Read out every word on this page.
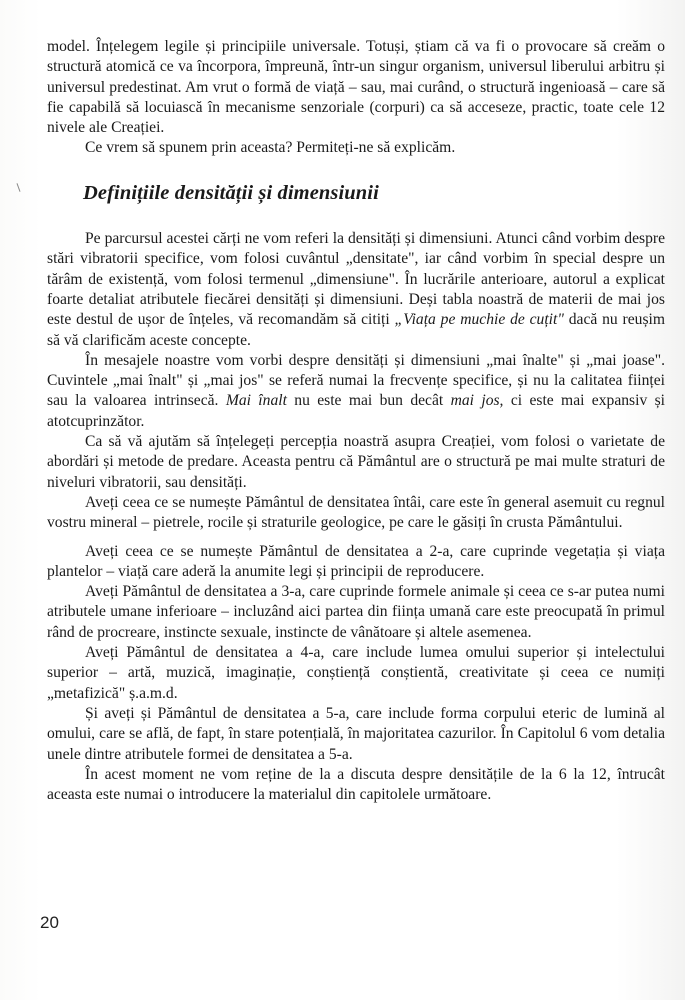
model. Înțelegem legile și principiile universale. Totuși, știam că va fi o provocare să creăm o structură atomică ce va încorpora, împreună, într-un singur organism, universul liberului arbitru și universul predestinat. Am vrut o formă de viață – sau, mai curând, o structură ingenioasă – care să fie capabilă să locuiască în mecanisme senzoriale (corpuri) ca să acceseze, practic, toate cele 12 nivele ale Creației.

Ce vrem să spunem prin aceasta? Permiteți-ne să explicăm.

Definițiile densității și dimensiunii

Pe parcursul acestei cărți ne vom referi la densități și dimensiuni. Atunci când vorbim despre stări vibratorii specifice, vom folosi cuvântul „densitate", iar când vorbim în special despre un tărâm de existență, vom folosi termenul „dimensiune". În lucrările anterioare, autorul a explicat foarte detaliat atributele fiecărei densități și dimensiuni. Deși tabla noastră de materii de mai jos este destul de ușor de înțeles, vă recomandăm să citiți „Viața pe muchie de cuțit" dacă nu reușim să vă clarificăm aceste concepte.

În mesajele noastre vom vorbi despre densități și dimensiuni „mai înalte" și „mai joase". Cuvintele „mai înalt" și „mai jos" se referă numai la frecvențe specifice, și nu la calitatea ființei sau la valoarea intrinsecă. Mai înalt nu este mai bun decât mai jos, ci este mai expansiv și atotcuprinzător.

Ca să vă ajutăm să înțelegeți percepția noastră asupra Creației, vom folosi o varietate de abordări și metode de predare. Aceasta pentru că Pământul are o structură pe mai multe straturi de niveluri vibratorii, sau densități.

Aveți ceea ce se numește Pământul de densitatea întâi, care este în general asemuit cu regnul vostru mineral – pietrele, rocile și straturile geologice, pe care le găsiți în crusta Pământului.

Aveți ceea ce se numește Pământul de densitatea a 2-a, care cuprinde vegetația și viața plantelor – viață care aderă la anumite legi și principii de reproducere.

Aveți Pământul de densitatea a 3-a, care cuprinde formele animale și ceea ce s-ar putea numi atributele umane inferioare – incluzând aici partea din ființa umană care este preocupată în primul rând de procreare, instincte sexuale, instincte de vânătoare și altele asemenea.

Aveți Pământul de densitatea a 4-a, care include lumea omului superior și intelectului superior – artă, muzică, imaginație, conștiență conștientă, creativitate și ceea ce numiți „metafizică" ș.a.m.d.

Și aveți și Pământul de densitatea a 5-a, care include forma corpului eteric de lumină al omului, care se află, de fapt, în stare potențială, în majoritatea cazurilor. În Capitolul 6 vom detalia unele dintre atributele formei de densitatea a 5-a.

În acest moment ne vom reține de la a discuta despre densitățile de la 6 la 12, întrucât aceasta este numai o introducere la materialul din capitolele următoare.

20
